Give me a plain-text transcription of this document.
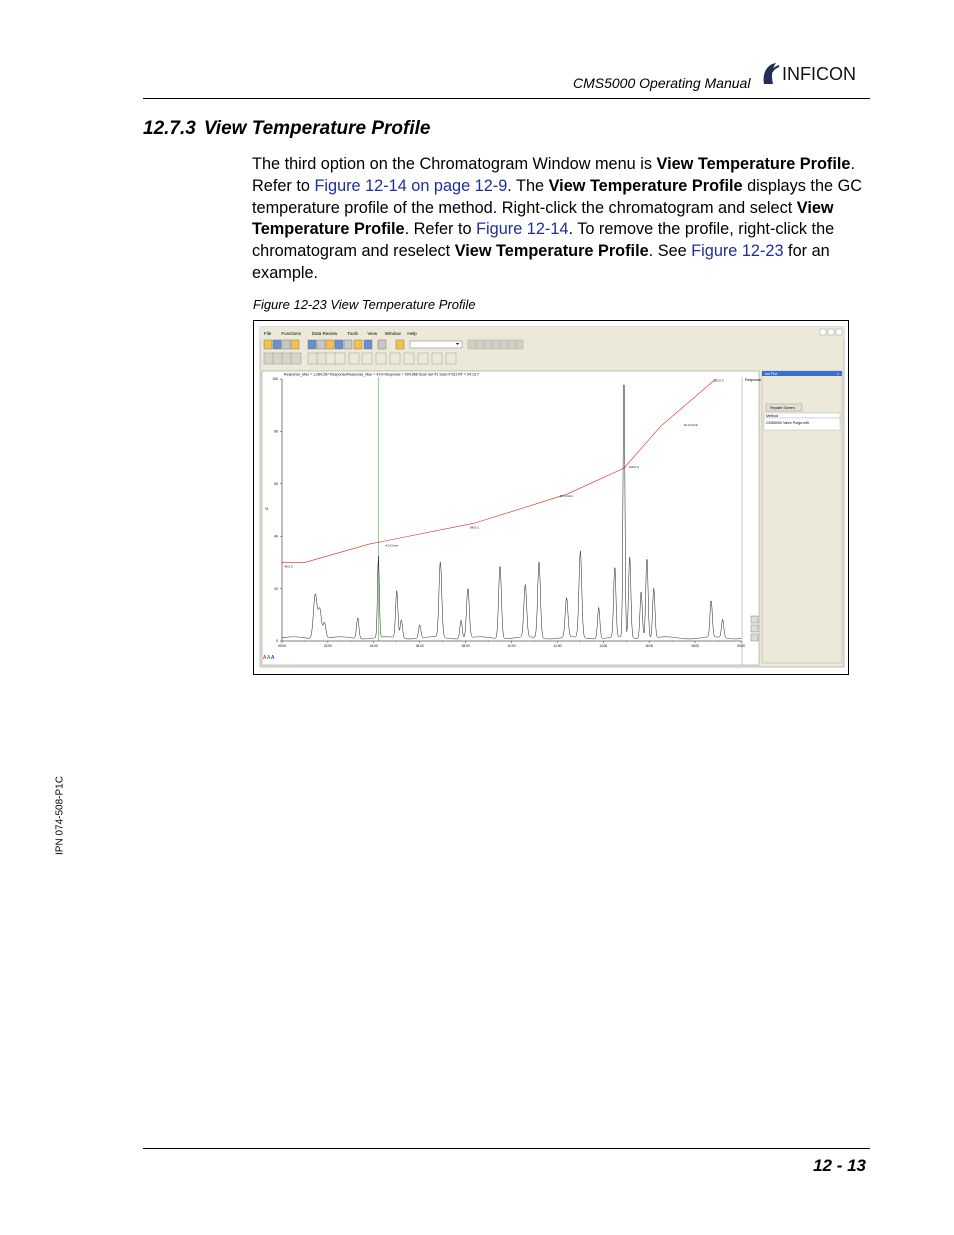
CMS5000 Operating Manual INFICON
12.7.3 View Temperature Profile
The third option on the Chromatogram Window menu is View Temperature Profile. Refer to Figure 12-14 on page 12-9. The View Temperature Profile displays the GC temperature profile of the method. Right-click the chromatogram and select View Temperature Profile. Refer to Figure 12-14. To remove the profile, right-click the chromatogram and reselect View Temperature Profile. See Figure 12-23 for an example.
Figure 12-23 View Temperature Profile
File Functions Data Review Tools View Window Help
Response_Max = 1,284,267 Response/Response_Max = 41% Response = 504,968 Scan Set #1 Scan # 611 RT = 04:13.7
Response
0
20
40
60
80
100
%
00:00	02:00	04:00	06:00	08:00	10:00	12:00	14:00	16:00	18:00	20:00
40.0 C
4.0 C/min
88.0 C
6.0 C/min
120.0 C
10.0 C/min
250.0 C
A A A
Ion Plot	×
Repaint Screen
Method
CMS5000 Valve Purge.mth
IPN 074-508-P1C
12 - 13
